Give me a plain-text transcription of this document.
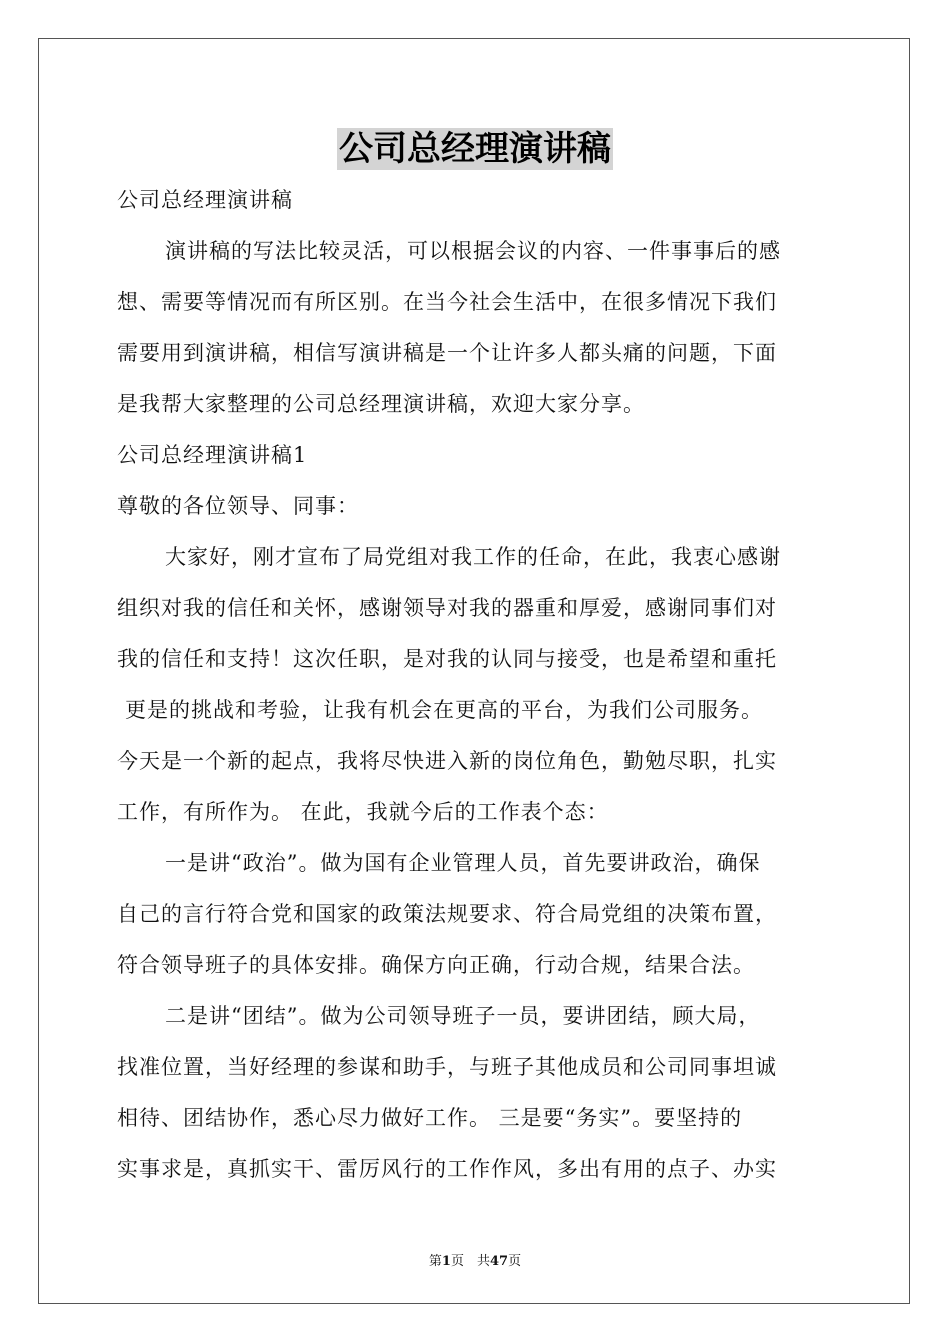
公司总经理演讲稿
公司总经理演讲稿
演讲稿的写法比较灵活，可以根据会议的内容、一件事事后的感
想、需要等情况而有所区别。在当今社会生活中，在很多情况下我们
需要用到演讲稿，相信写演讲稿是一个让许多人都头痛的问题，下面
是我帮大家整理的公司总经理演讲稿，欢迎大家分享。
公司总经理演讲稿1
尊敬的各位领导、同事：
大家好，刚才宣布了局党组对我工作的任命，在此，我衷心感谢
组织对我的信任和关怀，感谢领导对我的器重和厚爱，感谢同事们对
我的信任和支持！这次任职，是对我的认同与接受，也是希望和重托
更是的挑战和考验，让我有机会在更高的平台，为我们公司服务。
今天是一个新的起点，我将尽快进入新的岗位角色，勤勉尽职，扎实
工作，有所作为。 在此，我就今后的工作表个态：
一是讲“政治”。做为国有企业管理人员，首先要讲政治，确保
自己的言行符合党和国家的政策法规要求、符合局党组的决策布置，
符合领导班子的具体安排。确保方向正确，行动合规，结果合法。
二是讲“团结”。做为公司领导班子一员，要讲团结，顾大局，
找准位置，当好经理的参谋和助手，与班子其他成员和公司同事坦诚
相待、团结协作，悉心尽力做好工作。 三是要“务实”。要坚持的
实事求是，真抓实干、雷厉风行的工作作风，多出有用的点子、办实
第1页　共47页
